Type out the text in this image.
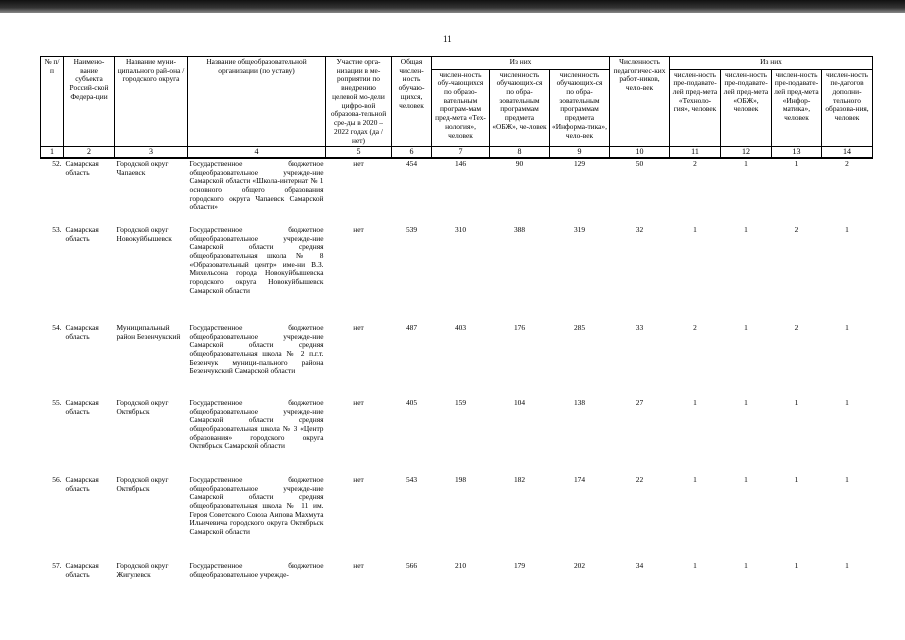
11
№ п/п	Наимено-вание субъекта Россий-ской Федера-ции	Название муни-ципального рай-она / городского округа	Название общеобразовательной организации (по уставу)	Участие орга-низации в ме-роприятии по внедрению целевой мо-дели цифро-вой образова-тельной сре-ды в 2020 – 2022 годах (да / нет)	Общая числен-ность обучаю-щихся, человек	Из них			Численность педагогичес-ких работ-ников, чело-век	Из них			
						числен-ность обу-чающихся по образо-вательным програм-мам пред-мета «Тех-нология», человек	численность обучающих-ся по обра-зовательным программам предмета «ОБЖ», че-ловек	численность обучающих-ся по обра-зовательным программам предмета «Информа-тика», чело-век		числен-ность пре-подавате-лей пред-мета «Техноло-гия», человек	числен-ность пре-подавате-лей пред-мета «ОБЖ», человек	числен-ность пре-подавате-лей пред-мета «Инфор-матика», человек	числен-ность пе-дагогов дополни-тельного образова-ния, человек
1	2	3	4	5	6	7	8	9	10	11	12	13	14
52.	Самарская область	Городской округ Чапаевск	Государственное бюджетное общеобразовательное учрежде-ние Самарской области «Школа-интернат № 1 основного общего образования городского округа Чапаевск Самарской области»	нет	454	146	90	129	50	2	1	1	2
53.	Самарская область	Городской округ Новокуйбышевск	Государственное бюджетное общеобразовательное учрежде-ние Самарской области средняя общеобразовательная школа № 8 «Образовательный центр» име-ни В.З. Михельсона города Новокуйбышевска городского округа Новокуйбышевск Самарской области	нет	539	310	388	319	32	1	1	2	1
54.	Самарская область	Муниципальный район Безенчукский	Государственное бюджетное общеобразовательное учрежде-ние Самарской области средняя общеобразовательная школа № 2 п.г.т. Безенчук муници-пального района Безенчукский Самарской области	нет	487	403	176	285	33	2	1	2	1
55.	Самарская область	Городской округ Октябрьск	Государственное бюджетное общеобразовательное учрежде-ние Самарской области средняя общеобразовательная школа № 3 «Центр образования» городского округа Октябрьск Самарской области	нет	405	159	104	138	27	1	1	1	1
56.	Самарская область	Городской округ Октябрьск	Государственное бюджетное общеобразовательное учрежде-ние Самарской области средняя общеобразовательная школа № 11 им. Героя Советского Союза Аипова Махмута Ильичевича городского округа Октябрьск Самарской области	нет	543	198	182	174	22	1	1	1	1
57.	Самарская область	Городской округ Жигулевск	Государственное бюджетное общеобразовательное учрежде-	нет	566	210	179	202	34	1	1	1	1
